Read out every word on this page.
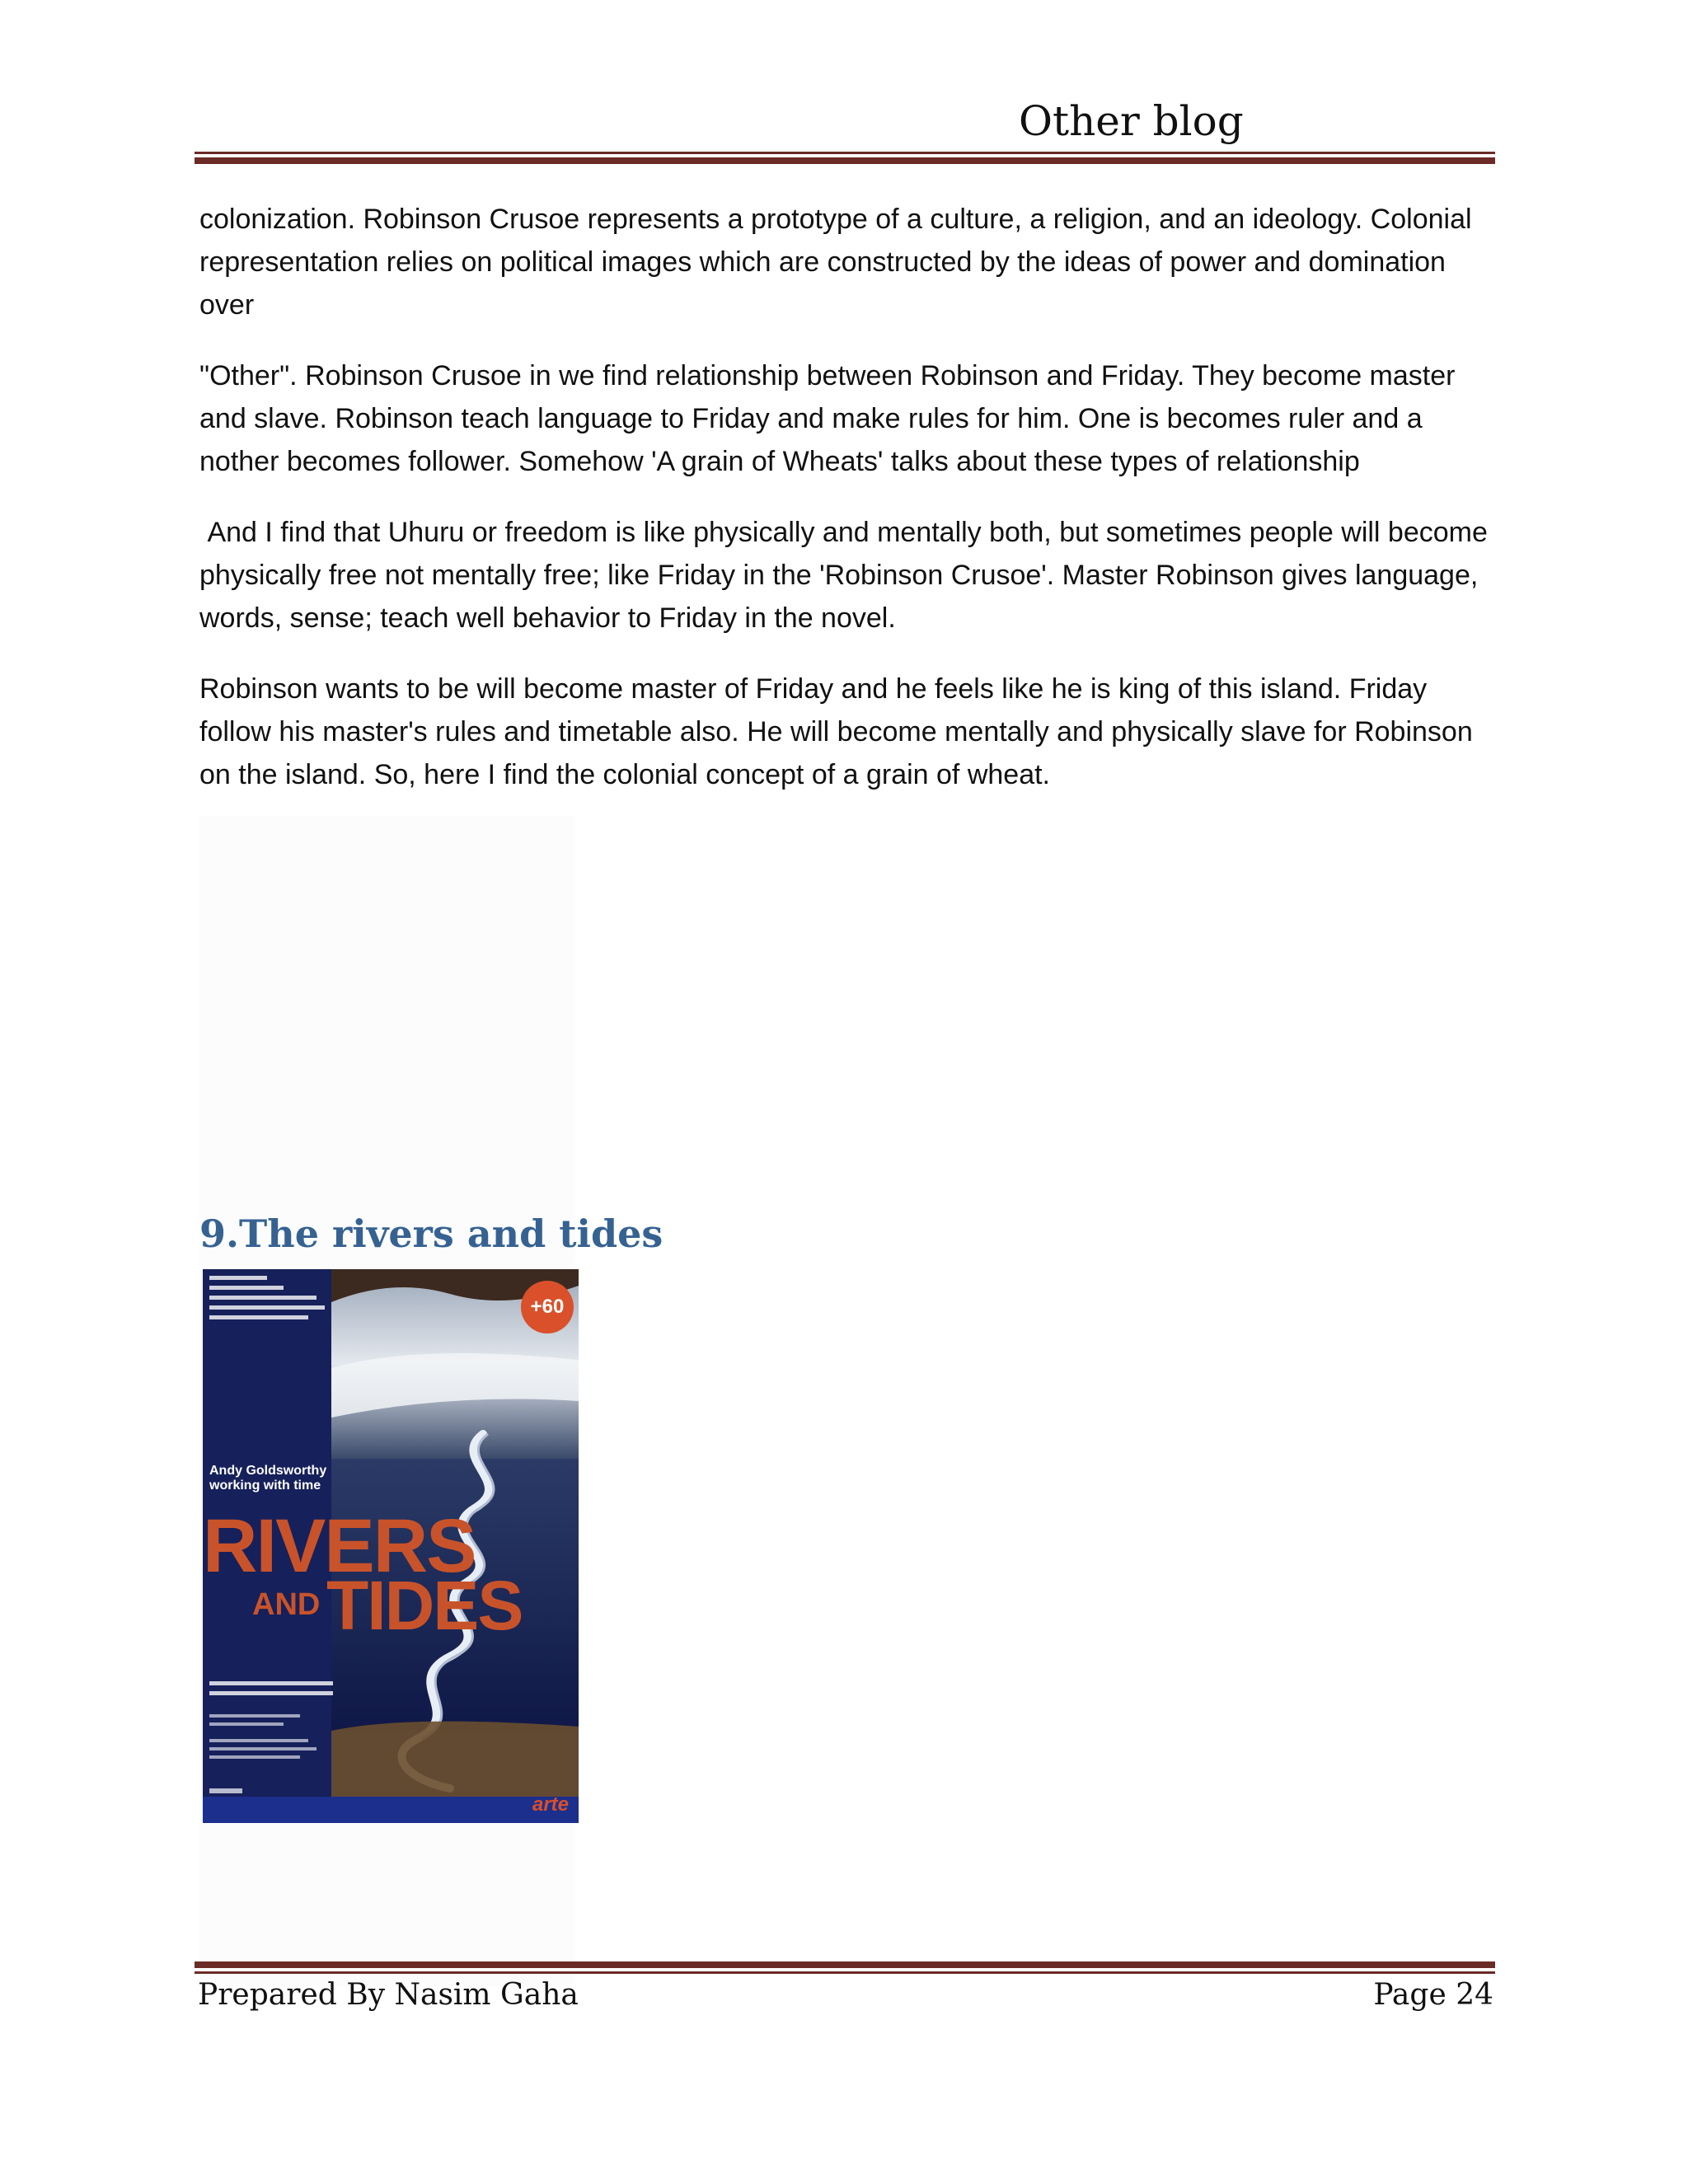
Other blog

colonization. Robinson Crusoe represents a prototype of a culture, a religion, and an ideology. Colonial representation relies on political images which are constructed by the ideas of power and domination over

"Other". Robinson Crusoe in we find relationship between Robinson and Friday. They become master and slave. Robinson teach language to Friday and make rules for him. One is becomes ruler and a nother becomes follower. Somehow 'A grain of Wheats' talks about these types of relationship

And I find that Uhuru or freedom is like physically and mentally both, but sometimes people will become physically free not mentally free; like Friday in the 'Robinson Crusoe'. Master Robinson gives language, words, sense; teach well behavior to Friday in the novel.

Robinson wants to be will become master of Friday and he feels like he is king of this island. Friday follow his master's rules and timetable also. He will become mentally and physically slave for Robinson on the island. So, here I find the colonial concept of a grain of wheat.

9.The rivers and tides
+60
Andy Goldsworthy working with time
RIVERS
AND TIDES
arte
Prepared By Nasim Gaha	Page 24
